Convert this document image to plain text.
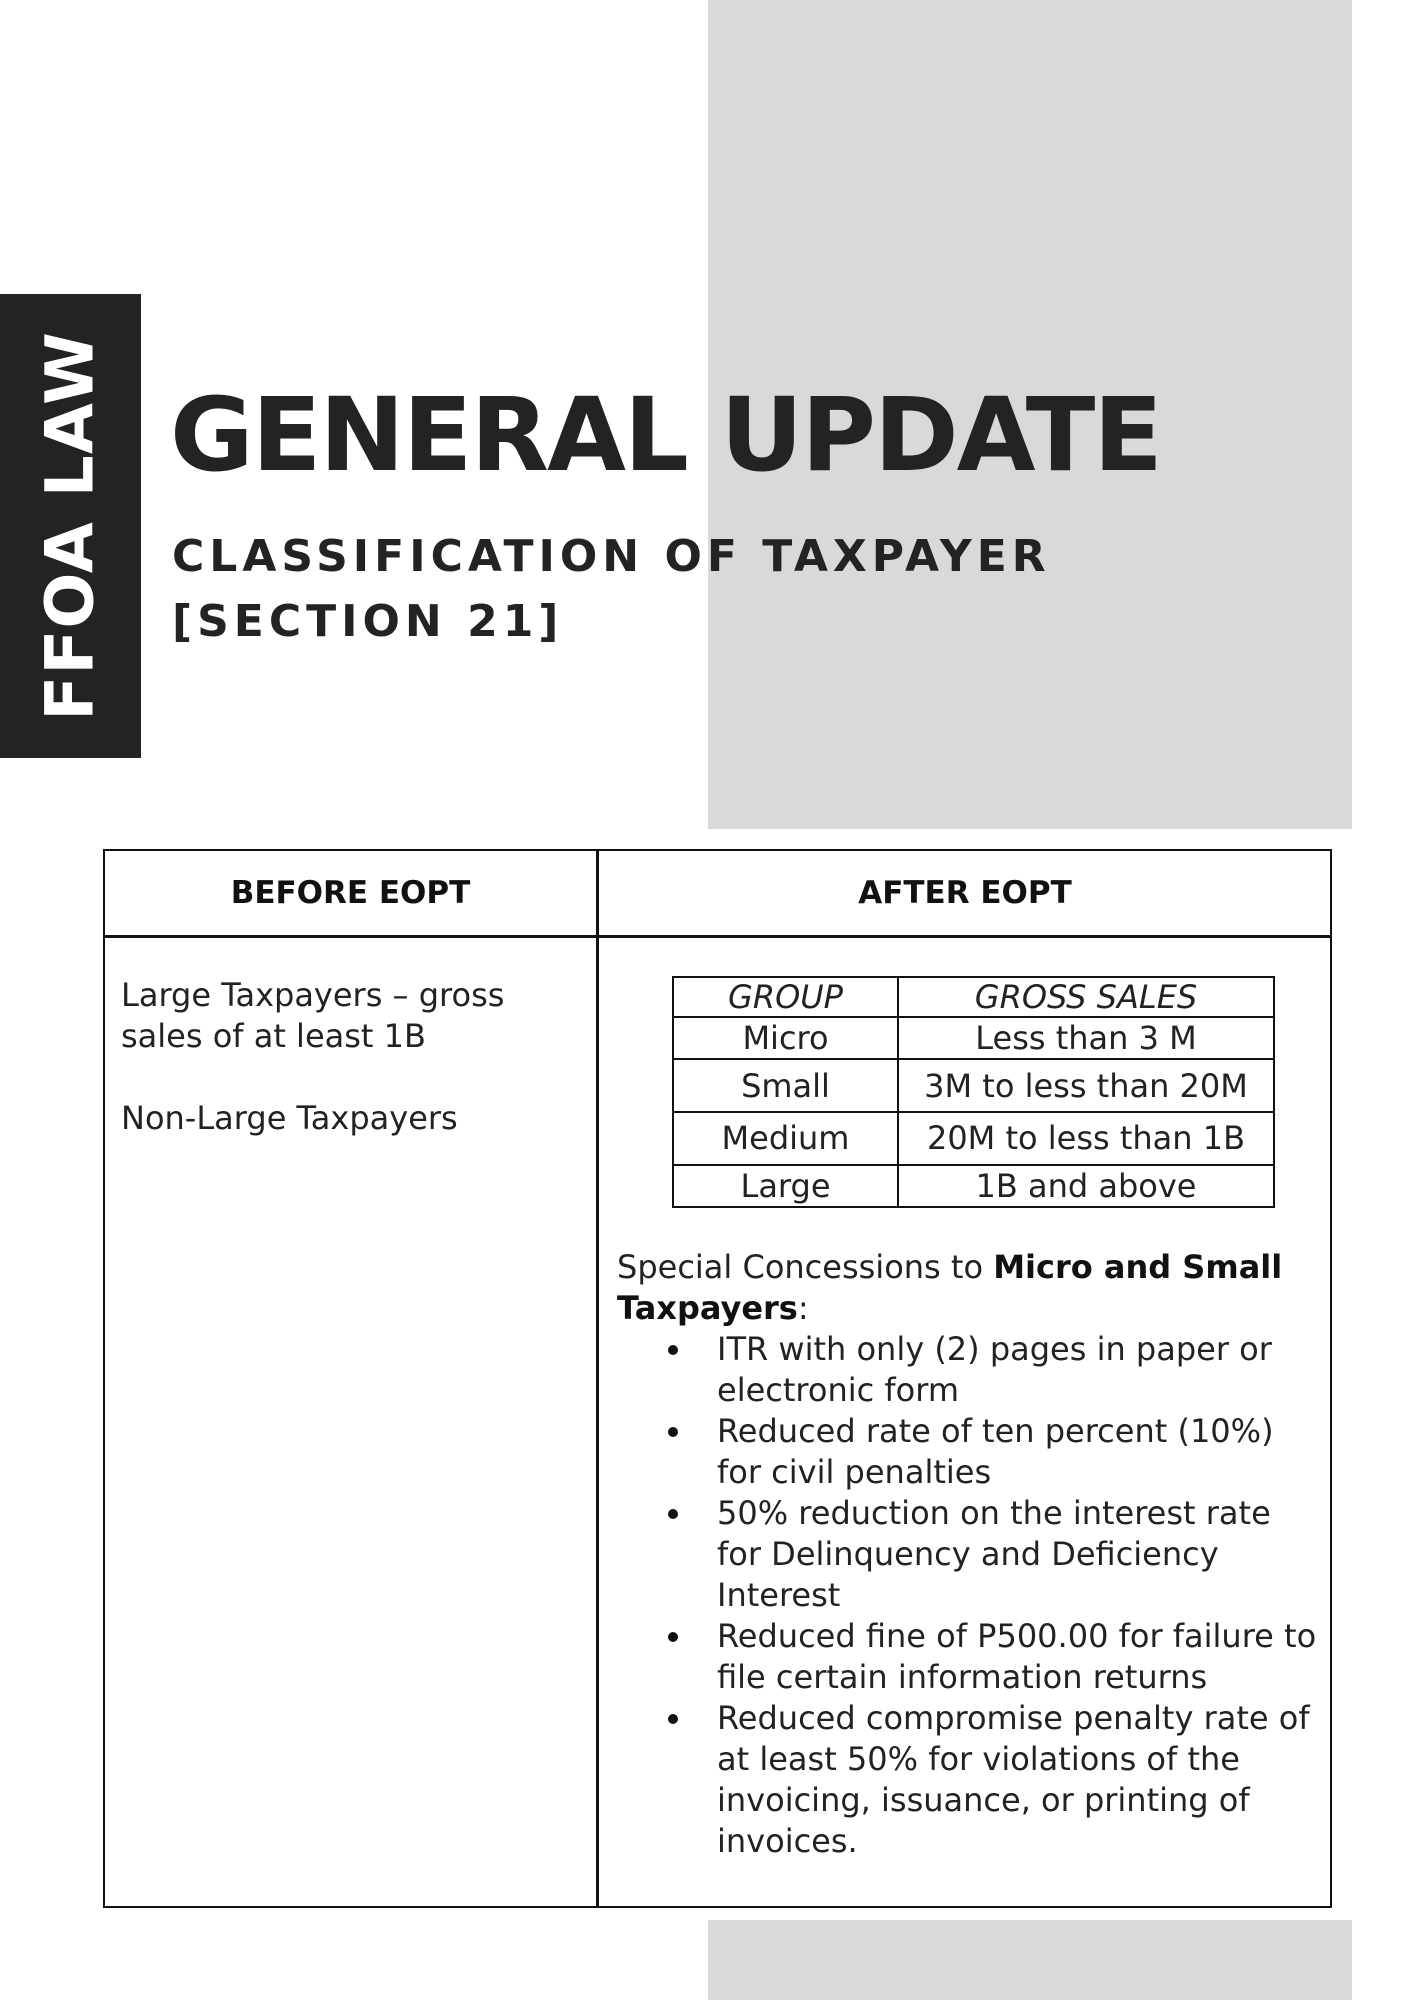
FFOA LAW GENERAL UPDATE
CLASSIFICATION OF TAXPAYER
[SECTION 21]
BEFORE EOPT	AFTER EOPT

Large Taxpayers – gross sales of at least 1B

Non-Large Taxpayers

GROUP	GROSS SALES
Micro	Less than 3 M
Small	3M to less than 20M
Medium	20M to less than 1B
Large	1B and above

Special Concessions to Micro and Small Taxpayers:

ITR with only (2) pages in paper or electronic form
Reduced rate of ten percent (10%) for civil penalties
50% reduction on the interest rate for Delinquency and Deficiency Interest
Reduced fine of P500.00 for failure to file certain information returns
Reduced compromise penalty rate of at least 50% for violations of the invoicing, issuance, or printing of invoices.
